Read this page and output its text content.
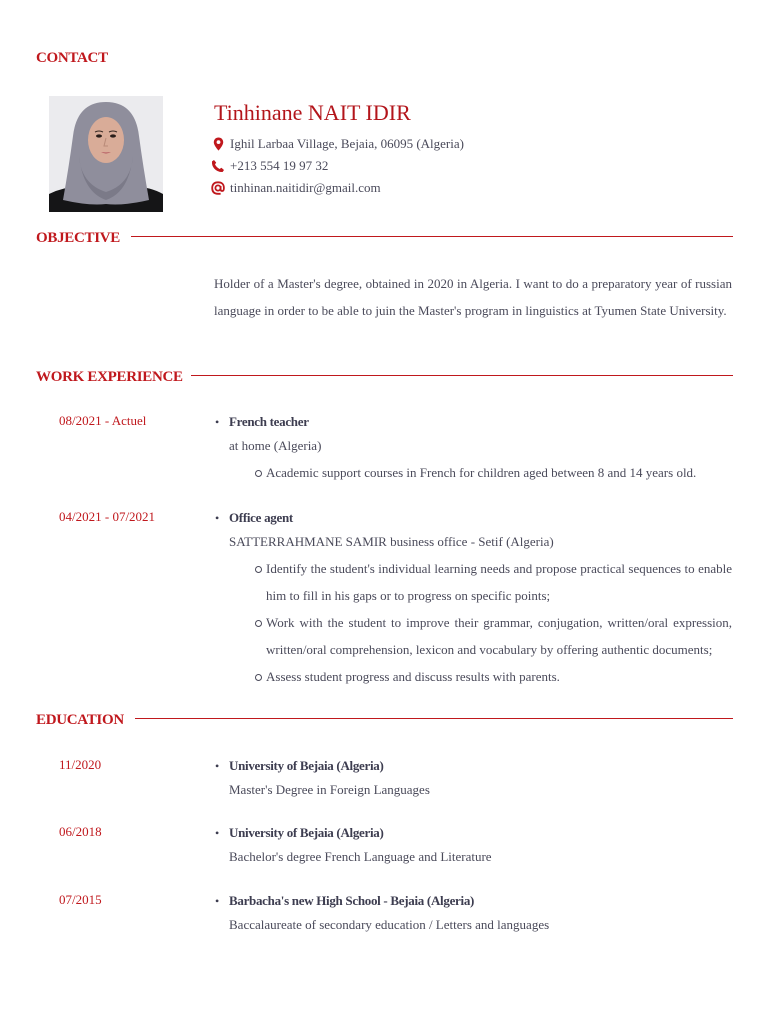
CONTACT
Tinhinane NAIT IDIR
Ighil Larbaa Village, Bejaia, 06095 (Algeria)
+213 554 19 97 32
tinhinan.naitidir@gmail.com
OBJECTIVE
Holder of a Master's degree, obtained in 2020 in Algeria. I want to do a preparatory year of russian language in order to be able to juin the Master's program in linguistics at Tyumen State University.
WORK EXPERIENCE
08/2021 - Actuel	• French teacher
at home (Algeria)
Academic support courses in French for children aged between 8 and 14 years old.
04/2021 - 07/2021	• Office agent
SATTERRAHMANE SAMIR business office - Setif (Algeria)
Identify the student's individual learning needs and propose practical sequences to enable him to fill in his gaps or to progress on specific points;
Work with the student to improve their grammar, conjugation, written/oral expression, written/oral comprehension, lexicon and vocabulary by offering authentic documents;
Assess student progress and discuss results with parents.
EDUCATION
11/2020	• University of Bejaia (Algeria)
Master's Degree in Foreign Languages
06/2018	• University of Bejaia (Algeria)
Bachelor's degree French Language and Literature
07/2015	• Barbacha's new High School - Bejaia (Algeria)
Baccalaureate of secondary education / Letters and languages
